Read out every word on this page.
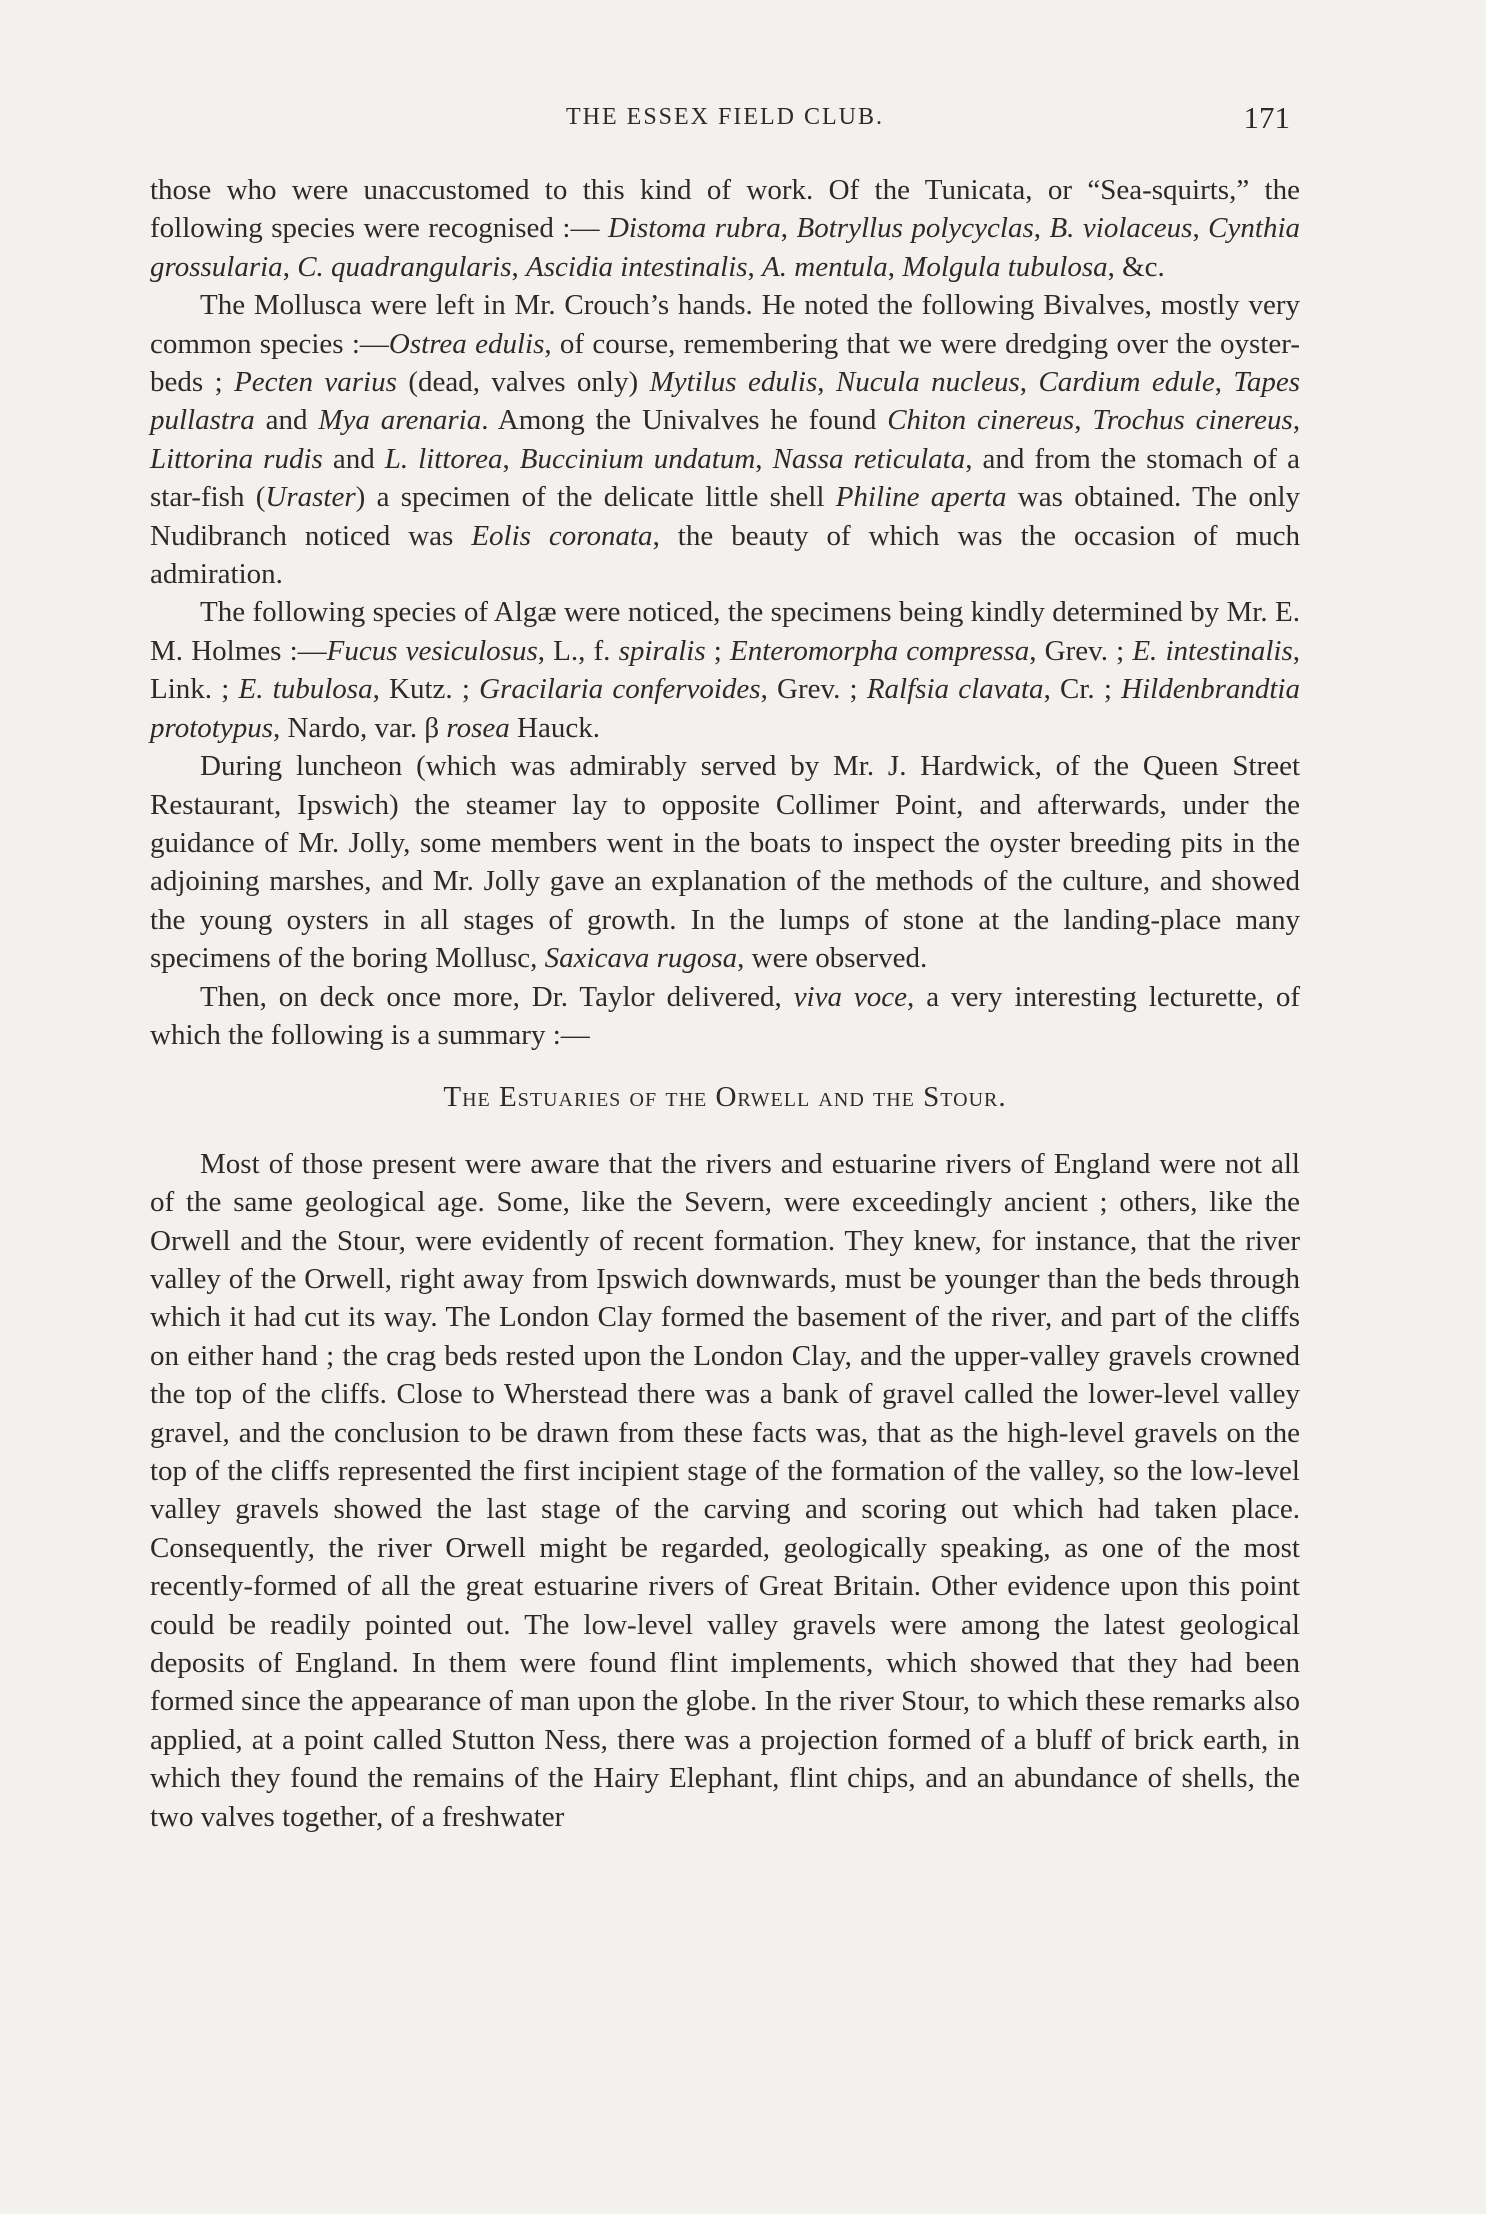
THE ESSEX FIELD CLUB.	171

those who were unaccustomed to this kind of work. Of the Tunicata, or “Sea-squirts,” the following species were recognised :— Distoma rubra, Botryllus polycyclas, B. violaceus, Cynthia grossularia, C. quadrangularis, Ascidia intestinalis, A. mentula, Molgula tubulosa, &c.

The Mollusca were left in Mr. Crouch’s hands. He noted the following Bivalves, mostly very common species :—Ostrea edulis, of course, remembering that we were dredging over the oyster-beds ; Pecten varius (dead, valves only) Mytilus edulis, Nucula nucleus, Cardium edule, Tapes pullastra and Mya arenaria. Among the Univalves he found Chiton cinereus, Trochus cinereus, Littorina rudis and L. littorea, Buccinium undatum, Nassa reticulata, and from the stomach of a star-fish (Uraster) a specimen of the delicate little shell Philine aperta was obtained. The only Nudibranch noticed was Eolis coronata, the beauty of which was the occasion of much admiration.

The following species of Algæ were noticed, the specimens being kindly determined by Mr. E. M. Holmes :—Fucus vesiculosus, L., f. spiralis ; Enteromorpha compressa, Grev. ; E. intestinalis, Link. ; E. tubulosa, Kutz. ; Gracilaria confervoides, Grev. ; Ralfsia clavata, Cr. ; Hildenbrandtia prototypus, Nardo, var. β rosea Hauck.

During luncheon (which was admirably served by Mr. J. Hardwick, of the Queen Street Restaurant, Ipswich) the steamer lay to opposite Collimer Point, and afterwards, under the guidance of Mr. Jolly, some members went in the boats to inspect the oyster breeding pits in the adjoining marshes, and Mr. Jolly gave an explanation of the methods of the culture, and showed the young oysters in all stages of growth. In the lumps of stone at the landing-place many specimens of the boring Mollusc, Saxicava rugosa, were observed.

Then, on deck once more, Dr. Taylor delivered, viva voce, a very interesting lecturette, of which the following is a summary :—

The Estuaries of the Orwell and the Stour.

Most of those present were aware that the rivers and estuarine rivers of England were not all of the same geological age. Some, like the Severn, were exceedingly ancient ; others, like the Orwell and the Stour, were evidently of recent formation. They knew, for instance, that the river valley of the Orwell, right away from Ipswich downwards, must be younger than the beds through which it had cut its way. The London Clay formed the basement of the river, and part of the cliffs on either hand ; the crag beds rested upon the London Clay, and the upper-valley gravels crowned the top of the cliffs. Close to Wherstead there was a bank of gravel called the lower-level valley gravel, and the conclusion to be drawn from these facts was, that as the high-level gravels on the top of the cliffs represented the first incipient stage of the formation of the valley, so the low-level valley gravels showed the last stage of the carving and scoring out which had taken place. Consequently, the river Orwell might be regarded, geologically speaking, as one of the most recently-formed of all the great estuarine rivers of Great Britain. Other evidence upon this point could be readily pointed out. The low-level valley gravels were among the latest geological deposits of England. In them were found flint implements, which showed that they had been formed since the appearance of man upon the globe. In the river Stour, to which these remarks also applied, at a point called Stutton Ness, there was a projection formed of a bluff of brick earth, in which they found the remains of the Hairy Elephant, flint chips, and an abundance of shells, the two valves together, of a freshwater
